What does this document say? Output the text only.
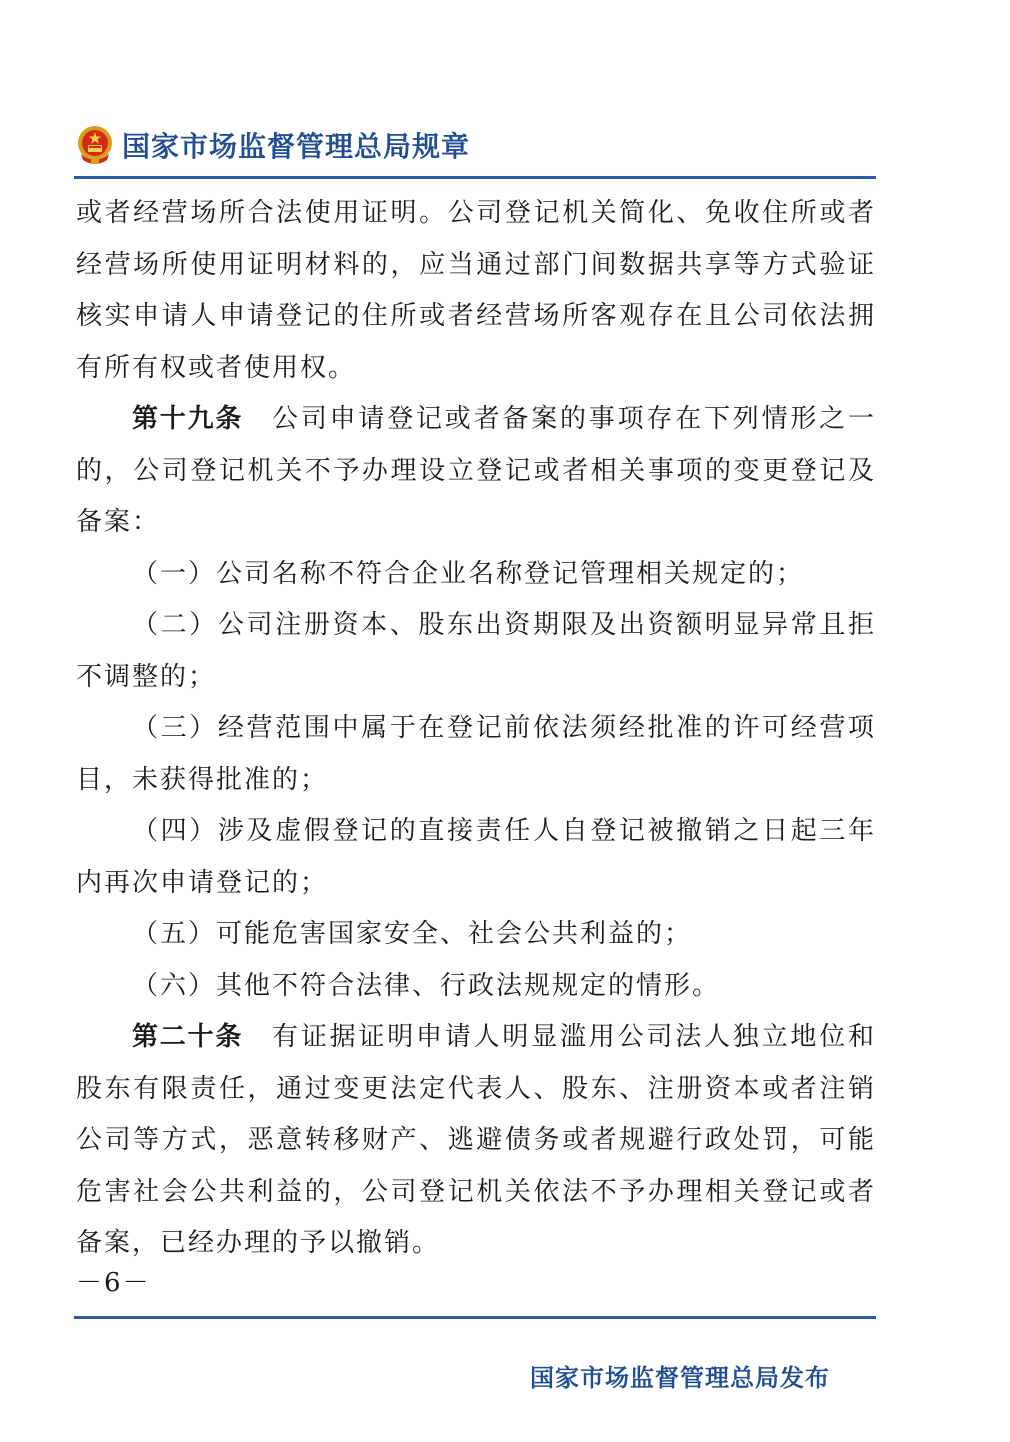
国家市场监督管理总局规章

或者经营场所合法使用证明。公司登记机关简化、免收住所或者经营场所使用证明材料的，应当通过部门间数据共享等方式验证核实申请人申请登记的住所或者经营场所客观存在且公司依法拥有所有权或者使用权。

第十九条　 公司申请登记或者备案的事项存在下列情形之一的，公司登记机关不予办理设立登记或者相关事项的变更登记及备案：

（一）公司名称不符合企业名称登记管理相关规定的；

（二）公司注册资本、股东出资期限及出资额明显异常且拒不调整的；

（三）经营范围中属于在登记前依法须经批准的许可经营项目，未获得批准的；

（四）涉及虚假登记的直接责任人自登记被撤销之日起三年内再次申请登记的；

（五）可能危害国家安全、社会公共利益的；

（六）其他不符合法律、行政法规规定的情形。

第二十条　 有证据证明申请人明显滥用公司法人独立地位和股东有限责任，通过变更法定代表人、股东、注册资本或者注销公司等方式，恶意转移财产、逃避债务或者规避行政处罚，可能危害社会公共利益的，公司登记机关依法不予办理相关登记或者备案，已经办理的予以撤销。

－6－
国家市场监督管理总局发布
